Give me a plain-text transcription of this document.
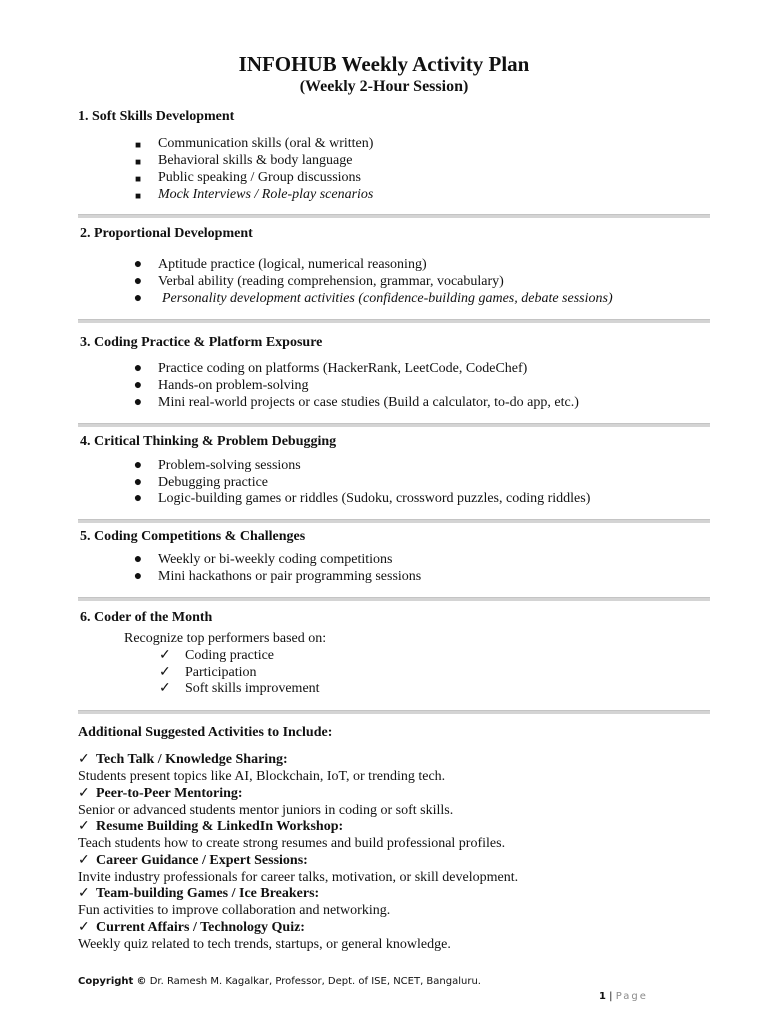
INFOHUB Weekly Activity Plan
(Weekly 2-Hour Session)
1. Soft Skills Development
■ Communication skills (oral & written)
■ Behavioral skills & body language
■ Public speaking / Group discussions
■ Mock Interviews / Role-play scenarios
2. Proportional Development
● Aptitude practice (logical, numerical reasoning)
● Verbal ability (reading comprehension, grammar, vocabulary)
● Personality development activities (confidence-building games, debate sessions)
3. Coding Practice & Platform Exposure
● Practice coding on platforms (HackerRank, LeetCode, CodeChef)
● Hands-on problem-solving
● Mini real-world projects or case studies (Build a calculator, to-do app, etc.)
4. Critical Thinking & Problem Debugging
● Problem-solving sessions
● Debugging practice
● Logic-building games or riddles (Sudoku, crossword puzzles, coding riddles)
5. Coding Competitions & Challenges
● Weekly or bi-weekly coding competitions
● Mini hackathons or pair programming sessions
6. Coder of the Month
Recognize top performers based on:
✓ Coding practice
✓ Participation
✓ Soft skills improvement
Additional Suggested Activities to Include:
✓ Tech Talk / Knowledge Sharing:
Students present topics like AI, Blockchain, IoT, or trending tech.
✓ Peer-to-Peer Mentoring:
Senior or advanced students mentor juniors in coding or soft skills.
✓ Resume Building & LinkedIn Workshop:
Teach students how to create strong resumes and build professional profiles.
✓ Career Guidance / Expert Sessions:
Invite industry professionals for career talks, motivation, or skill development.
✓ Team-building Games / Ice Breakers:
Fun activities to improve collaboration and networking.
✓ Current Affairs / Technology Quiz:
Weekly quiz related to tech trends, startups, or general knowledge.
Copyright © Dr. Ramesh M. Kagalkar, Professor, Dept. of ISE, NCET, Bangaluru.
1 | Page
